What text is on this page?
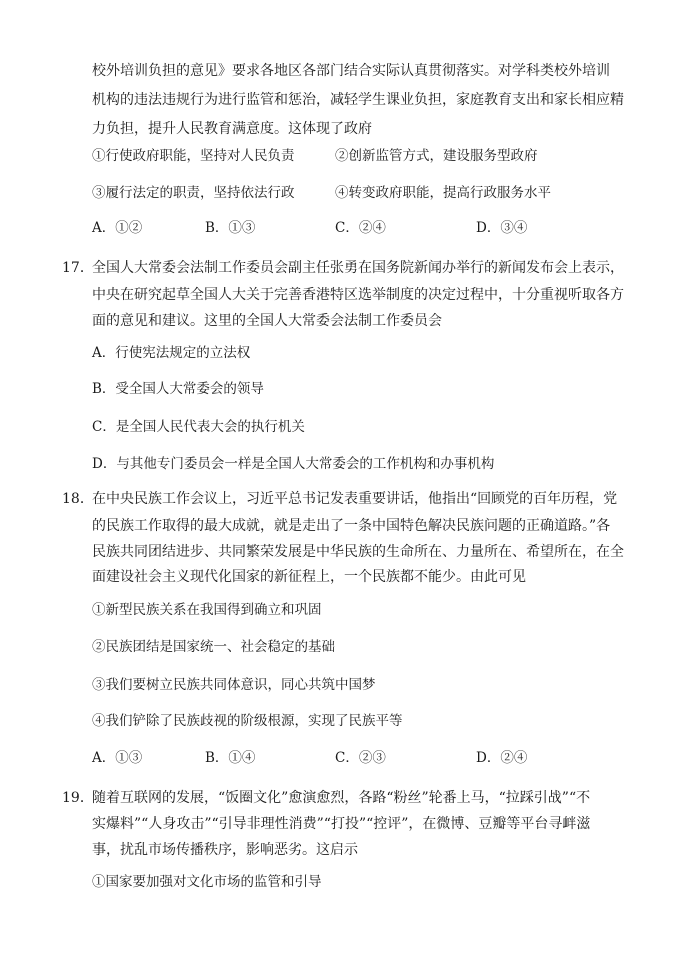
校外培训负担的意见》要求各地区各部门结合实际认真贯彻落实。对学科类校外培训
机构的违法违规行为进行监管和惩治，减轻学生课业负担，家庭教育支出和家长相应精
力负担，提升人民教育满意度。这体现了政府
①行使政府职能，坚持对人民负责	②创新监管方式，建设服务型政府
③履行法定的职责，坚持依法行政	④转变政府职能，提高行政服务水平
A．①②	B．①③	C．②④	D．③④
17．
全国人大常委会法制工作委员会副主任张勇在国务院新闻办举行的新闻发布会上表示，
中央在研究起草全国人大关于完善香港特区选举制度的决定过程中，十分重视听取各方
面的意见和建议。这里的全国人大常委会法制工作委员会
A．行使宪法规定的立法权
B．受全国人大常委会的领导
C．是全国人民代表大会的执行机关
D．与其他专门委员会一样是全国人大常委会的工作机构和办事机构
18．
在中央民族工作会议上，习近平总书记发表重要讲话，他指出“回顾党的百年历程，党
的民族工作取得的最大成就，就是走出了一条中国特色解决民族问题的正确道路。”各
民族共同团结进步、共同繁荣发展是中华民族的生命所在、力量所在、希望所在，在全
面建设社会主义现代化国家的新征程上，一个民族都不能少。由此可见
①新型民族关系在我国得到确立和巩固
②民族团结是国家统一、社会稳定的基础
③我们要树立民族共同体意识，同心共筑中国梦
④我们铲除了民族歧视的阶级根源，实现了民族平等
A．①③	B．①④	C．②③	D．②④
19．
随着互联网的发展，“饭圈文化”愈演愈烈，各路“粉丝”轮番上马，“拉踩引战”“不
实爆料”“人身攻击”“引导非理性消费”“打投”“控评”，在微博、豆瓣等平台寻衅滋
事，扰乱市场传播秩序，影响恶劣。这启示
①国家要加强对文化市场的监管和引导
